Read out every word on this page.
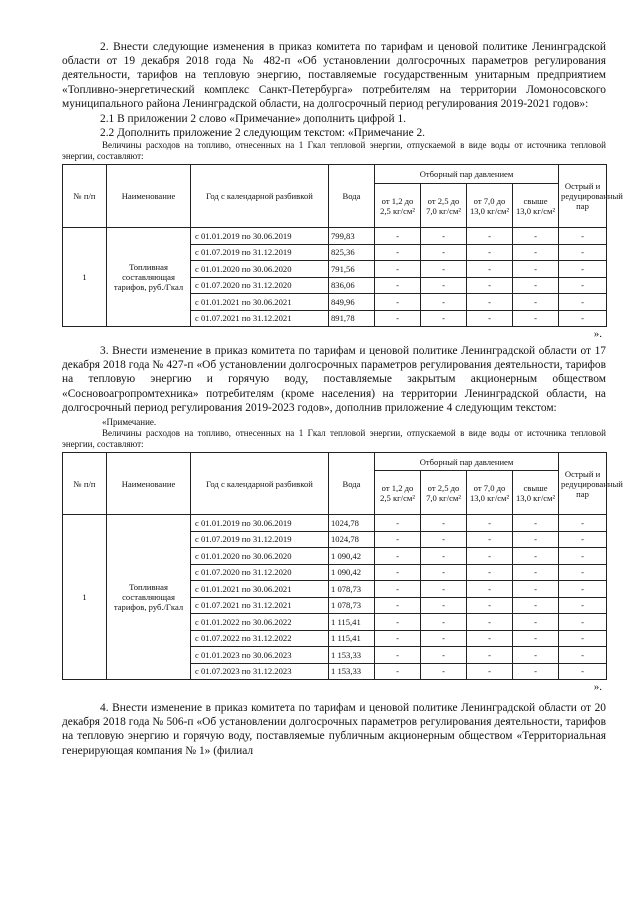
2. Внести следующие изменения в приказ комитета по тарифам и ценовой политике Ленинградской области от 19 декабря 2018 года № 482-п «Об установлении долгосрочных параметров регулирования деятельности, тарифов на тепловую энергию, поставляемые государственным унитарным предприятием «Топливно-энергетический комплекс Санкт-Петербурга» потребителям на территории Ломоносовского муниципального района Ленинградской области, на долгосрочный период регулирования 2019-2021 годов»:

2.1 В приложении 2 слово «Примечание» дополнить цифрой 1.

2.2 Дополнить приложение 2 следующим текстом: «Примечание 2.

Величины расходов на топливо, отнесенных на 1 Гкал тепловой энергии, отпускаемой в виде воды от источника тепловой энергии, составляют:

№ п/п	Наименование	Год с календарной разбивкой	Вода	Отборный пар давлением				Острый и редуцированный пар
				от 1,2 до 2,5 кг/см²	от 2,5 до 7,0 кг/см²	от 7,0 до 13,0 кг/см²	свыше 13,0 кг/см²	
1	Топливная составляющая тарифов, руб./Гкал	с 01.01.2019 по 30.06.2019	799,83	-	-	-	-	-
		с 01.07.2019 по 31.12.2019	825,36	-	-	-	-	-
		с 01.01.2020 по 30.06.2020	791,56	-	-	-	-	-
		с 01.07.2020 по 31.12.2020	836,06	-	-	-	-	-
		с 01.01.2021 по 30.06.2021	849,96	-	-	-	-	-
		с 01.07.2021 по 31.12.2021	891,78	-	-	-	-	-
».

3. Внести изменение в приказ комитета по тарифам и ценовой политике Ленинградской области от 17 декабря 2018 года № 427-п «Об установлении долгосрочных параметров регулирования деятельности, тарифов на тепловую энергию и горячую воду, поставляемые закрытым акционерным обществом «Сосновоагропромтехника» потребителям (кроме населения) на территории Ленинградской области, на долгосрочный период регулирования 2019-2023 годов», дополнив приложение 4 следующим текстом:

«Примечание.

Величины расходов на топливо, отнесенных на 1 Гкал тепловой энергии, отпускаемой в виде воды от источника тепловой энергии, составляют:

№ п/п	Наименование	Год с календарной разбивкой	Вода	Отборный пар давлением				Острый и редуцированный пар
				от 1,2 до 2,5 кг/см²	от 2,5 до 7,0 кг/см²	от 7,0 до 13,0 кг/см²	свыше 13,0 кг/см²	
1	Топливная составляющая тарифов, руб./Гкал	с 01.01.2019 по 30.06.2019	1024,78	-	-	-	-	-
		с 01.07.2019 по 31.12.2019	1024,78	-	-	-	-	-
		с 01.01.2020 по 30.06.2020	1 090,42	-	-	-	-	-
		с 01.07.2020 по 31.12.2020	1 090,42	-	-	-	-	-
		с 01.01.2021 по 30.06.2021	1 078,73	-	-	-	-	-
		с 01.07.2021 по 31.12.2021	1 078,73	-	-	-	-	-
		с 01.01.2022 по 30.06.2022	1 115,41	-	-	-	-	-
		с 01.07.2022 по 31.12.2022	1 115,41	-	-	-	-	-
		с 01.01.2023 по 30.06.2023	1 153,33	-	-	-	-	-
		с 01.07.2023 по 31.12.2023	1 153,33	-	-	-	-	-
».

4. Внести изменение в приказ комитета по тарифам и ценовой политике Ленинградской области от 20 декабря 2018 года № 506-п «Об установлении долгосрочных параметров регулирования деятельности, тарифов на тепловую энергию и горячую воду, поставляемые публичным акционерным обществом «Территориальная генерирующая компания № 1» (филиал
